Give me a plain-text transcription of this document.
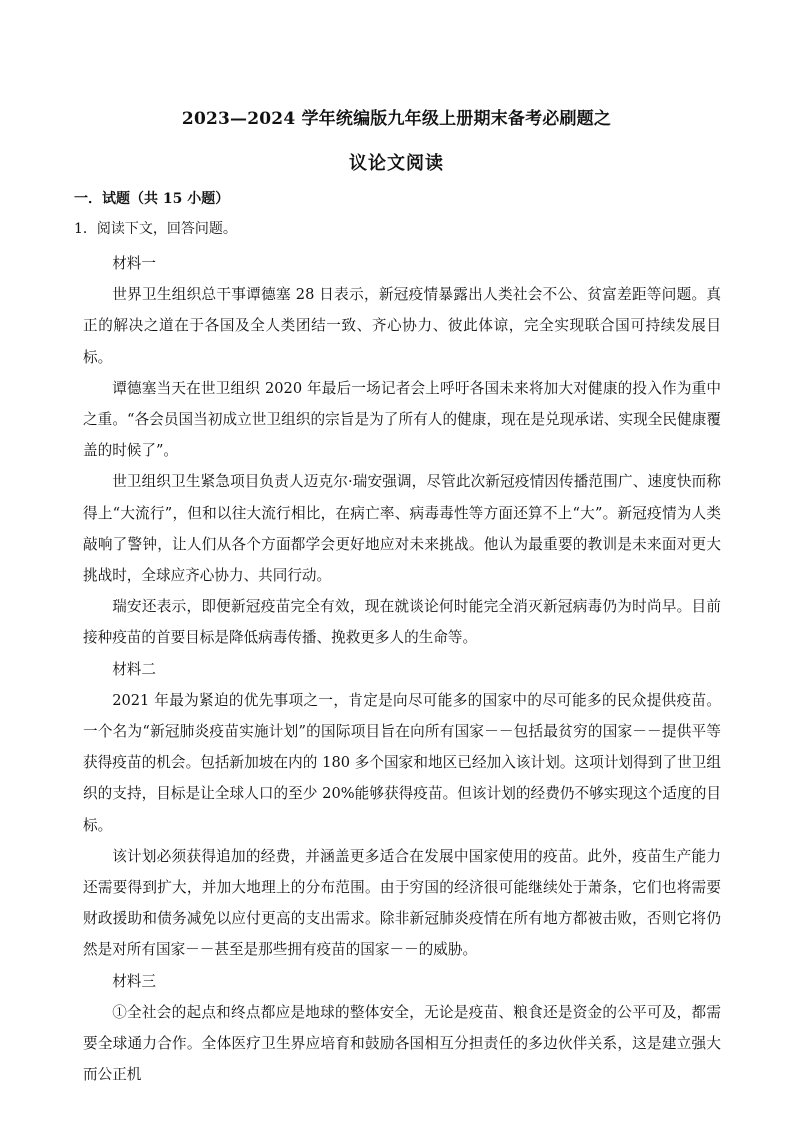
2023—2024 学年统编版九年级上册期末备考必刷题之
议论文阅读
一．试题（共 15 小题）
1．阅读下文，回答问题。

材料一

世界卫生组织总干事谭德塞 28 日表示，新冠疫情暴露出人类社会不公、贫富差距等问题。真正的解决之道在于各国及全人类团结一致、齐心协力、彼此体谅，完全实现联合国可持续发展目标。

谭德塞当天在世卫组织 2020 年最后一场记者会上呼吁各国未来将加大对健康的投入作为重中之重。“各会员国当初成立世卫组织的宗旨是为了所有人的健康，现在是兑现承诺、实现全民健康覆盖的时候了”。

世卫组织卫生紧急项目负责人迈克尔·瑞安强调，尽管此次新冠疫情因传播范围广、速度快而称得上“大流行”，但和以往大流行相比，在病亡率、病毒毒性等方面还算不上“大”。新冠疫情为人类敲响了警钟，让人们从各个方面都学会更好地应对未来挑战。他认为最重要的教训是未来面对更大挑战时，全球应齐心协力、共同行动。

瑞安还表示，即便新冠疫苗完全有效，现在就谈论何时能完全消灭新冠病毒仍为时尚早。目前接种疫苗的首要目标是降低病毒传播、挽救更多人的生命等。

材料二

2021 年最为紧迫的优先事项之一，肯定是向尽可能多的国家中的尽可能多的民众提供疫苗。一个名为“新冠肺炎疫苗实施计划”的国际项目旨在向所有国家－－包括最贫穷的国家－－提供平等获得疫苗的机会。包括新加坡在内的 180 多个国家和地区已经加入该计划。这项计划得到了世卫组织的支持，目标是让全球人口的至少 20%能够获得疫苗。但该计划的经费仍不够实现这个适度的目标。

该计划必须获得追加的经费，并涵盖更多适合在发展中国家使用的疫苗。此外，疫苗生产能力还需要得到扩大，并加大地理上的分布范围。由于穷国的经济很可能继续处于萧条，它们也将需要财政援助和债务减免以应付更高的支出需求。除非新冠肺炎疫情在所有地方都被击败，否则它将仍然是对所有国家－－甚至是那些拥有疫苗的国家－－的威胁。

材料三

①全社会的起点和终点都应是地球的整体安全，无论是疫苗、粮食还是资金的公平可及，都需要全球通力合作。全体医疗卫生界应培育和鼓励各国相互分担责任的多边伙伴关系，这是建立强大而公正机
